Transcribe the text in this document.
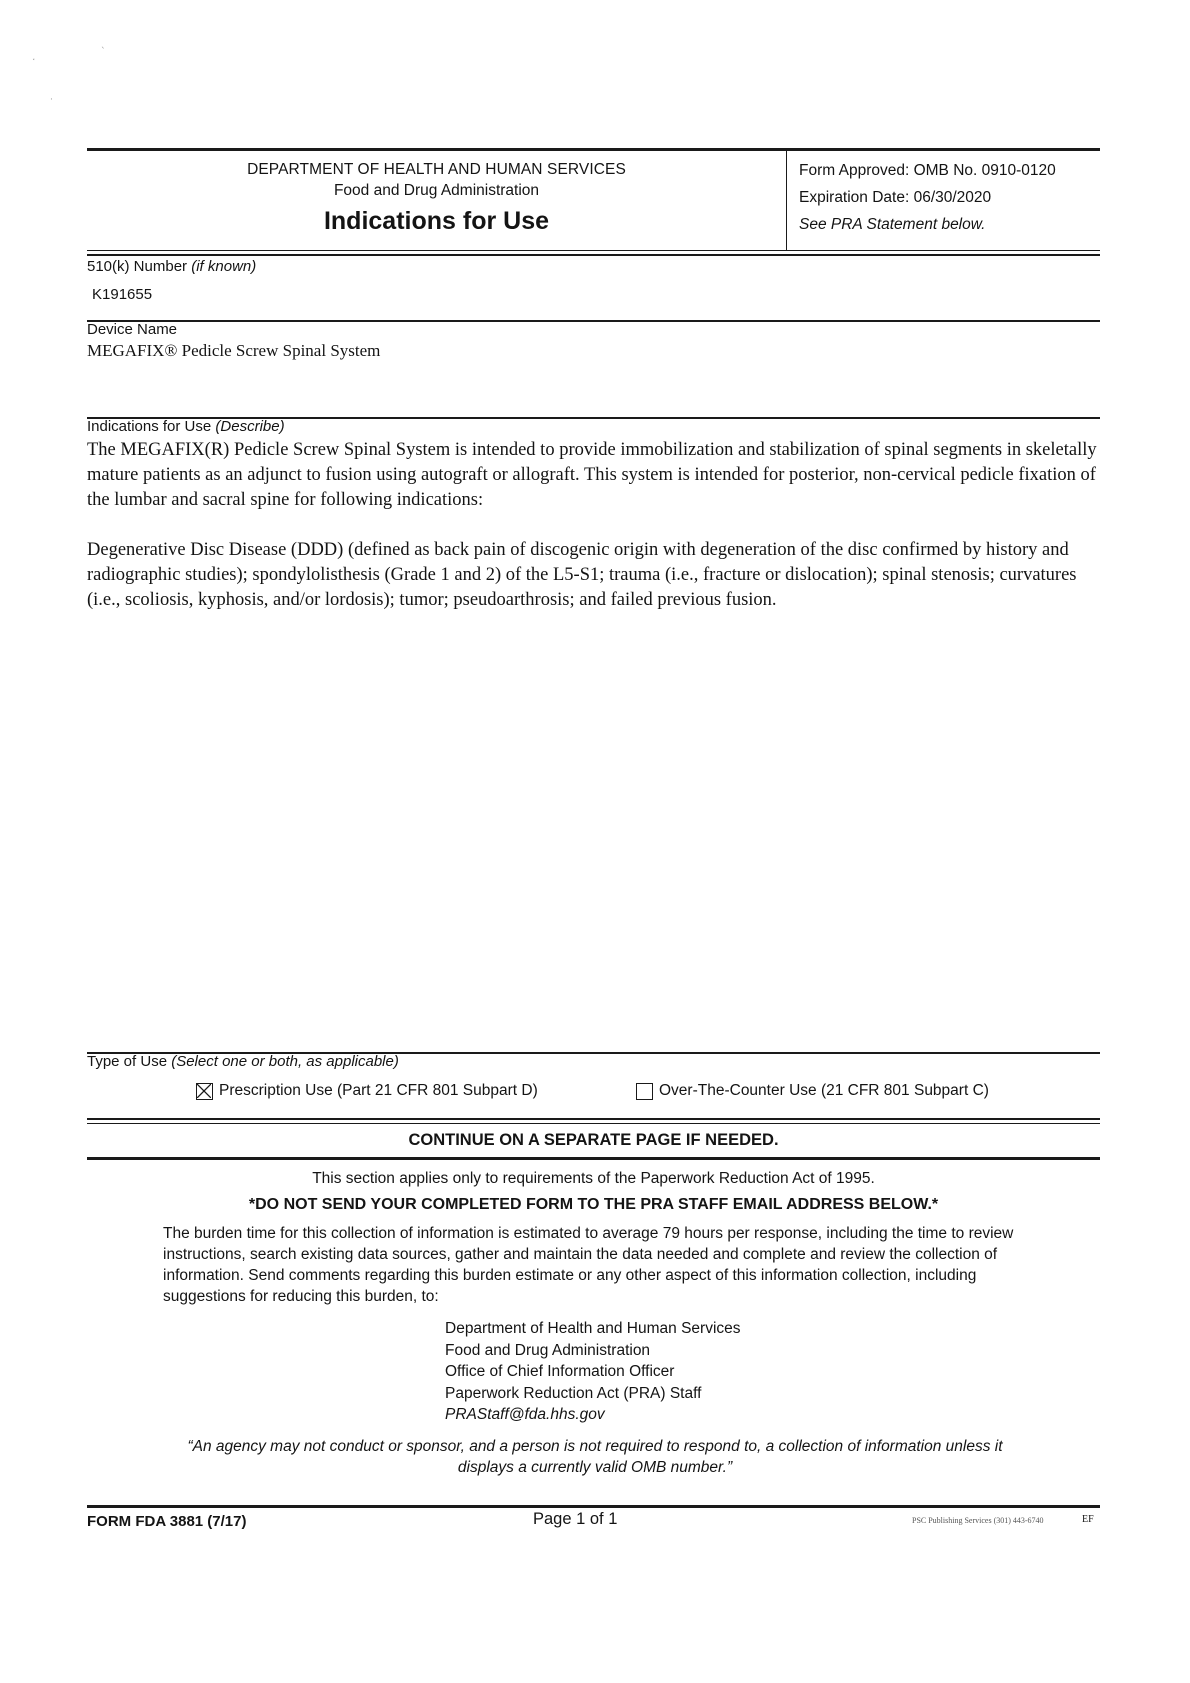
⸼	`
·
DEPARTMENT OF HEALTH AND HUMAN SERVICES
Food and Drug Administration
Indications for Use
Form Approved: OMB No. 0910-0120
Expiration Date: 06/30/2020
See PRA Statement below.
510(k) Number (if known)
K191655
Device Name
MEGAFIX® Pedicle Screw Spinal System
Indications for Use (Describe)
The MEGAFIX(R) Pedicle Screw Spinal System is intended to provide immobilization and stabilization of spinal segments in skeletally mature patients as an adjunct to fusion using autograft or allograft. This system is intended for posterior, non-cervical pedicle fixation of the lumbar and sacral spine for following indications:
Degenerative Disc Disease (DDD) (defined as back pain of discogenic origin with degeneration of the disc confirmed by history and radiographic studies); spondylolisthesis (Grade 1 and 2) of the L5-S1; trauma (i.e., fracture or dislocation); spinal stenosis; curvatures (i.e., scoliosis, kyphosis, and/or lordosis); tumor; pseudoarthrosis; and failed previous fusion.
Type of Use (Select one or both, as applicable)
Prescription Use (Part 21 CFR 801 Subpart D)	Over-The-Counter Use (21 CFR 801 Subpart C)
CONTINUE ON A SEPARATE PAGE IF NEEDED.
This section applies only to requirements of the Paperwork Reduction Act of 1995.
*DO NOT SEND YOUR COMPLETED FORM TO THE PRA STAFF EMAIL ADDRESS BELOW.*
The burden time for this collection of information is estimated to average 79 hours per response, including the time to review instructions, search existing data sources, gather and maintain the data needed and complete and review the collection of information. Send comments regarding this burden estimate or any other aspect of this information collection, including suggestions for reducing this burden, to:
Department of Health and Human Services
Food and Drug Administration
Office of Chief Information Officer
Paperwork Reduction Act (PRA) Staff
PRAStaff@fda.hhs.gov
“An agency may not conduct or sponsor, and a person is not required to respond to, a collection of information unless it displays a currently valid OMB number.”
FORM FDA 3881 (7/17)	Page 1 of 1	PSC Publishing Services (301) 443-6740	EF
